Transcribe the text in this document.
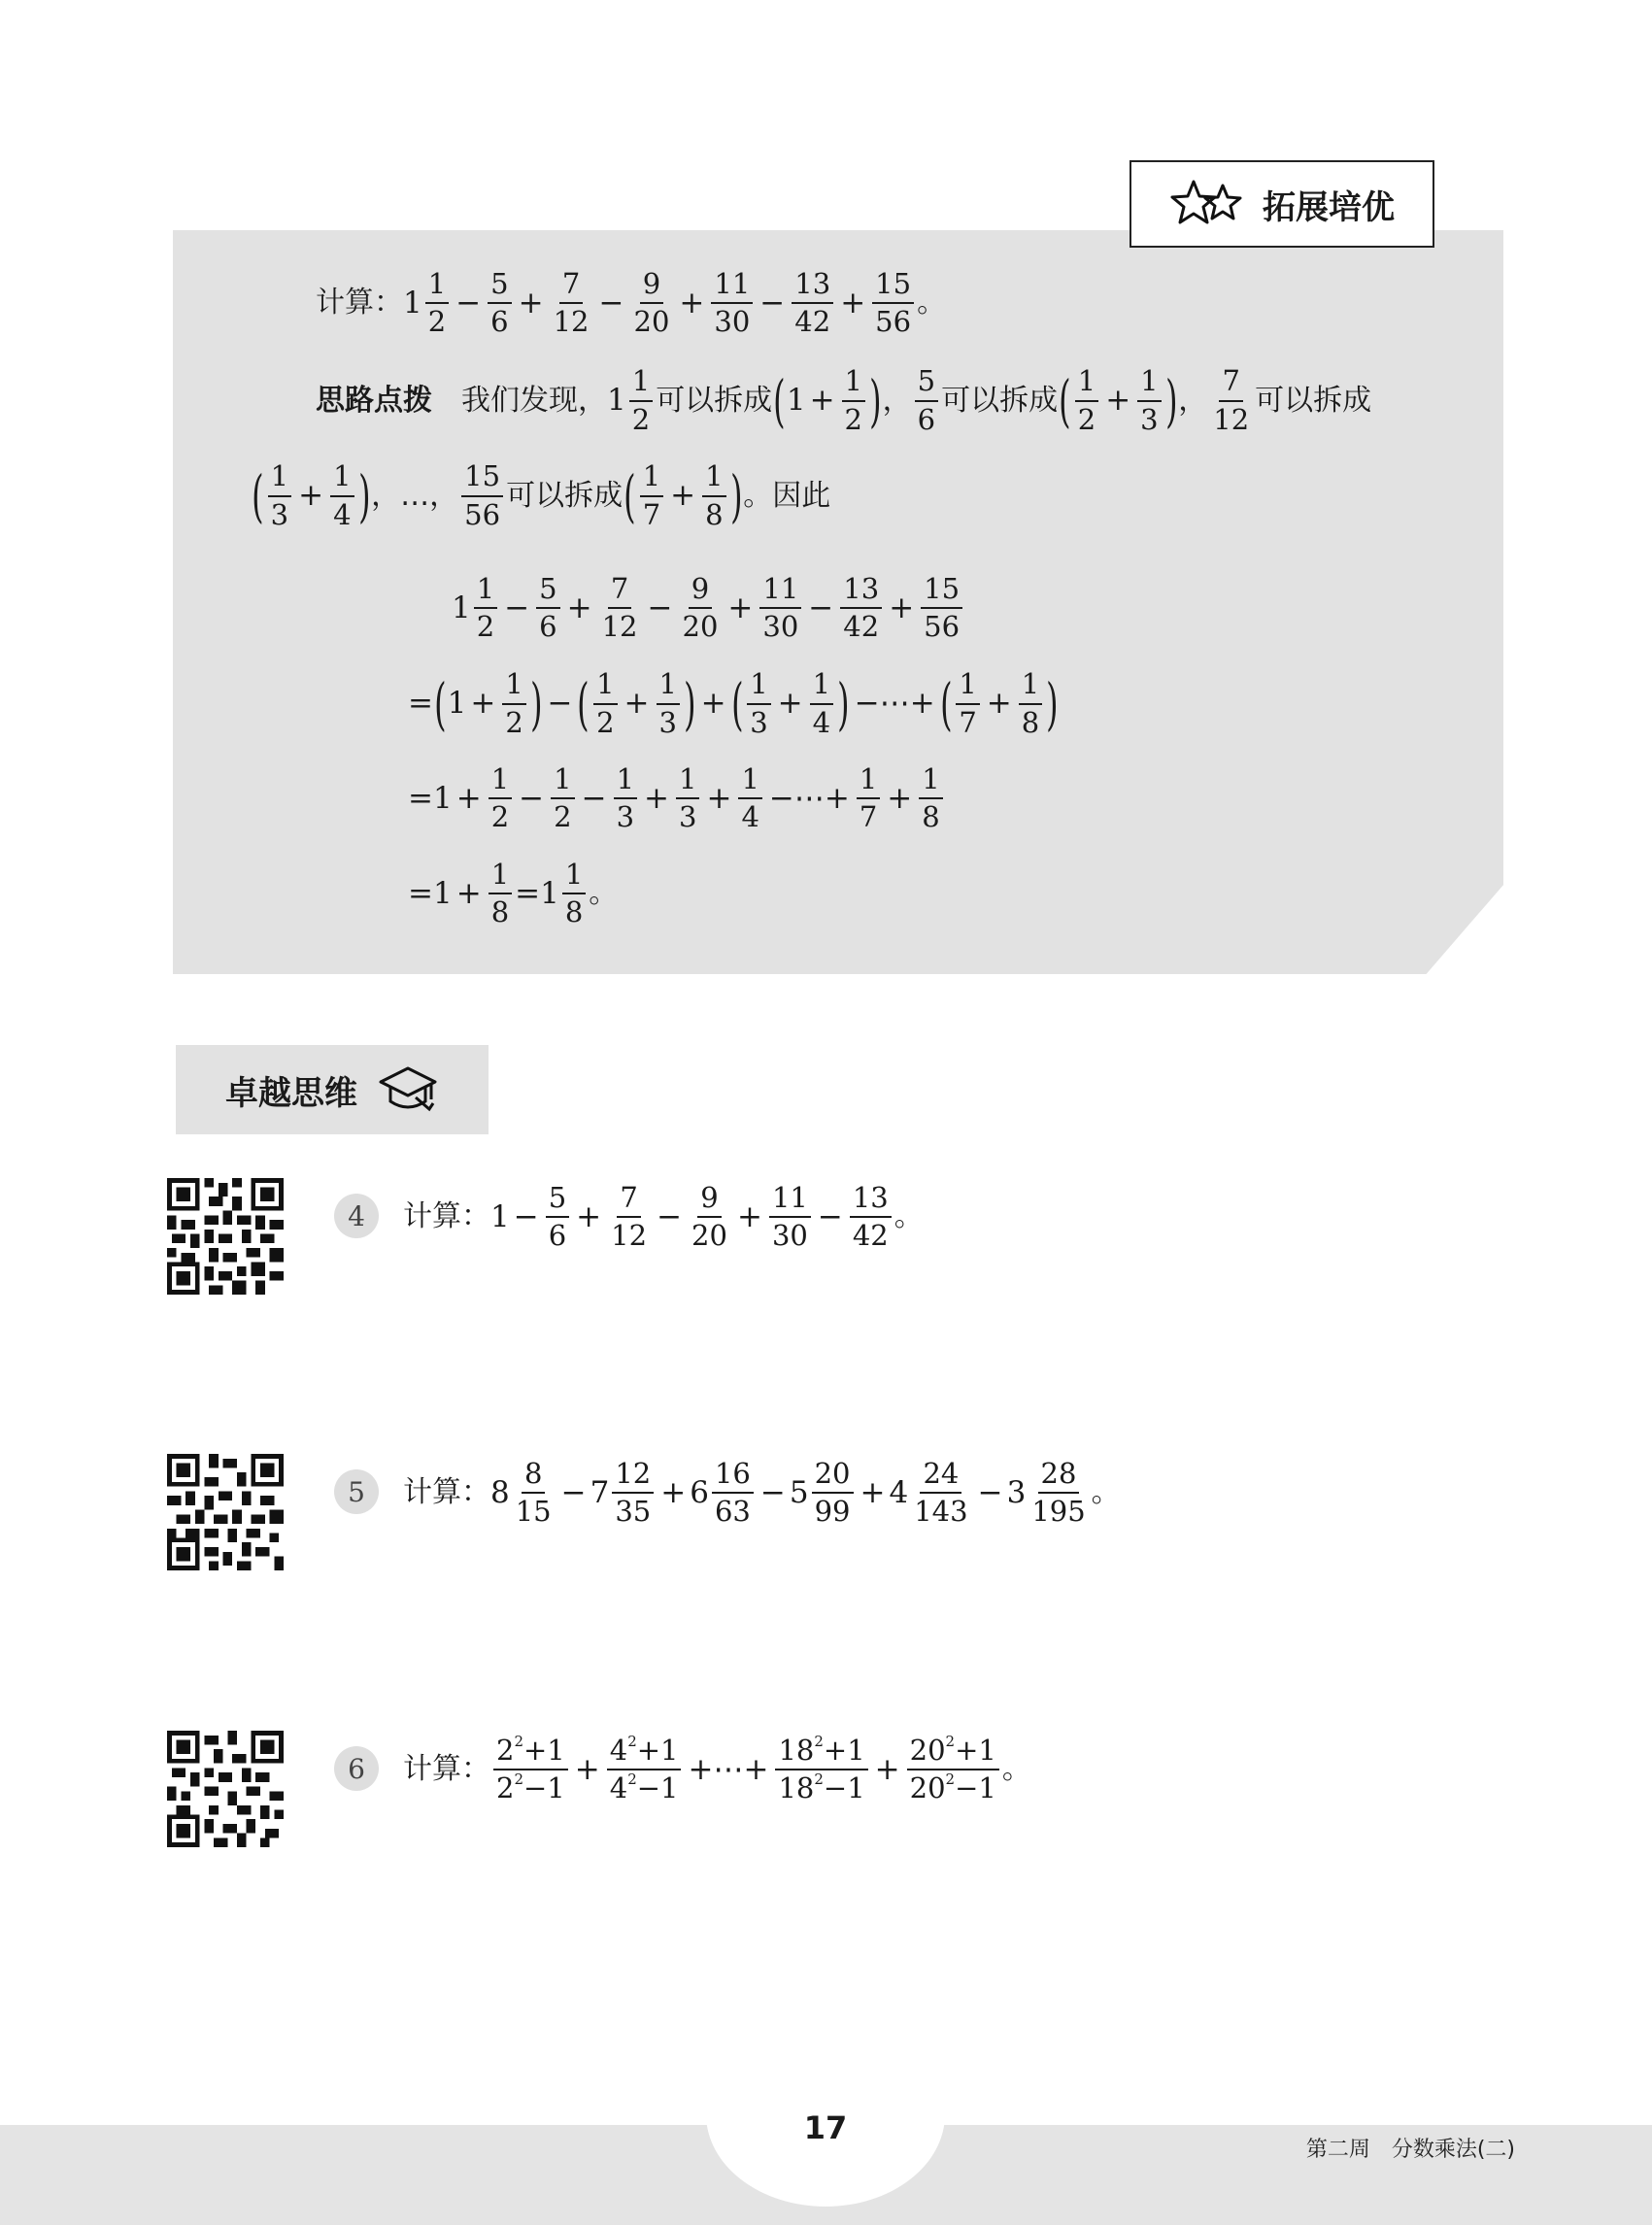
拓展培优
计算： $1 \frac{1}{2} - \frac{5}{6} + \frac{7}{12} - \frac{9}{20} + \frac{11}{30} - \frac{13}{42} + \frac{15}{56}$ 。
思路点拨 我们发现， $1 \frac{1}{2}$ 可以拆成 ( $1 + \frac{1}{2}$ ) ， $\frac{5}{6}$ 可以拆成 ( $\frac{1}{2} + \frac{1}{3}$ ) ， $\frac{7}{12}$ 可以拆成
( $\frac{1}{3} + \frac{1}{4}$ ) ，…， $\frac{15}{56}$ 可以拆成 ( $\frac{1}{7} + \frac{1}{8}$ ) 。因此
$1 \frac{1}{2} - \frac{5}{6} + \frac{7}{12} - \frac{9}{20} + \frac{11}{30} - \frac{13}{42} + \frac{15}{56}$
= ( $1 + \frac{1}{2}$ ) − ( $\frac{1}{2} + \frac{1}{3}$ ) + ( $\frac{1}{3} + \frac{1}{4}$ ) −⋯+ ( $\frac{1}{7} + \frac{1}{8}$ )
$=1 + \frac{1}{2} - \frac{1}{2} - \frac{1}{3} + \frac{1}{3} + \frac{1}{4}$ −⋯+ $\frac{1}{7} + \frac{1}{8}$
$=1 + \frac{1}{8} =1 \frac{1}{8}$ 。
卓越思维
4 计算： $1 - \frac{5}{6} + \frac{7}{12} - \frac{9}{20} + \frac{11}{30} - \frac{13}{42}$ 。
5 计算： $8 \frac{8}{15} - 7 \frac{12}{35} + 6 \frac{16}{63} - 5 \frac{20}{99} + 4 \frac{24}{143} - 3 \frac{28}{195}$ 。
6 计算： $\frac{2^2+1}{2^2-1} + \frac{4^2+1}{4^2-1}$ +⋯+ $\frac{18^2+1}{18^2-1} + \frac{20^2+1}{20^2-1}$ 。
17
第二周　分数乘法(二)
